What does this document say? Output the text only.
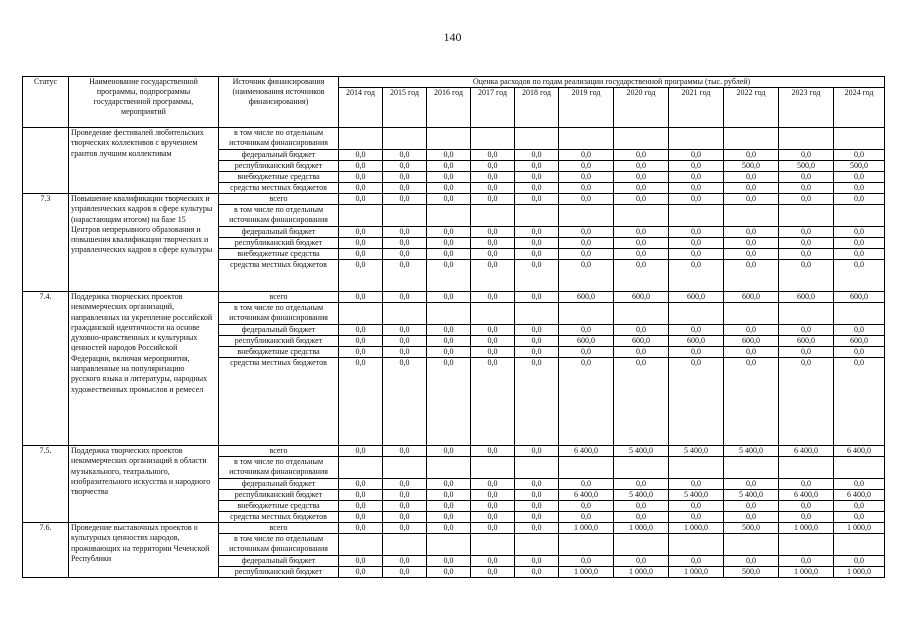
140
Статус	Наименование государственной программы, подпрограммы государственной программы, мероприятий	Источник финансирования (наименования источников финансирования)	Оценка расходов по годам реализации государственной программы (тыс. рублей)										
			2014 год	2015 год	2016 год	2017 год	2018 год	2019 год	2020 год	2021 год	2022 год	2023 год	2024 год
	Проведение фестивалей любительских творческих коллективов с вручением грантов лучшим коллективам	в том числе по отдельным источникам финансирования											
		федеральный бюджет	0,0	0,0	0,0	0,0	0,0	0,0	0,0	0,0	0,0	0,0	0,0
		республиканский бюджет	0,0	0,0	0,0	0,0	0,0	0,0	0,0	0,0	500,0	500,0	500,0
		внебюджетные средства	0,0	0,0	0,0	0,0	0,0	0,0	0,0	0,0	0,0	0,0	0,0
		средства местных бюджетов	0,0	0,0	0,0	0,0	0,0	0,0	0,0	0,0	0,0	0,0	0,0
7.3	Повышение квалификации творческих и управленческих кадров в сфере культуры (нарастающим итогом) на базе 15 Центров непрерывного образования и повышения квалификации творческих и управленческих кадров в сфере культуры	всего	0,0	0,0	0,0	0,0	0,0	0,0	0,0	0,0	0,0	0,0	0,0
		в том числе по отдельным источникам финансирования											
		федеральный бюджет	0,0	0,0	0,0	0,0	0,0	0,0	0,0	0,0	0,0	0,0	0,0
		республиканский бюджет	0,0	0,0	0,0	0,0	0,0	0,0	0,0	0,0	0,0	0,0	0,0
		внебюджетные средства	0,0	0,0	0,0	0,0	0,0	0,0	0,0	0,0	0,0	0,0	0,0
		средства местных бюджетов	0,0	0,0	0,0	0,0	0,0	0,0	0,0	0,0	0,0	0,0	0,0
7.4.	Поддержка творческих проектов некоммерческих организаций, направленных на укрепление российской гражданской идентичности на основе духовно-нравственных и культурных ценностей народов Российской Федерации, включая мероприятия, направленные на популяризацию русского языка и литературы, народных художественных промыслов и ремесел	всего	0,0	0,0	0,0	0,0	0,0	600,0	600,0	600,0	600,0	600,0	600,0
		в том числе по отдельным источникам финансирования											
		федеральный бюджет	0,0	0,0	0,0	0,0	0,0	0,0	0,0	0,0	0,0	0,0	0,0
		республиканский бюджет	0,0	0,0	0,0	0,0	0,0	600,0	600,0	600,0	600,0	600,0	600,0
		внебюджетные средства	0,0	0,0	0,0	0,0	0,0	0,0	0,0	0,0	0,0	0,0	0,0
		средства местных бюджетов	0,0	0,0	0,0	0,0	0,0	0,0	0,0	0,0	0,0	0,0	0,0
7.5.	Поддержка творческих проектов некоммерческих организаций в области музыкального, театрального, изобразительного искусства и народного творчества	всего	0,0	0,0	0,0	0,0	0,0	6 400,0	5 400,0	5 400,0	5 400,0	6 400,0	6 400,0
		в том числе по отдельным источникам финансирования											
		федеральный бюджет	0,0	0,0	0,0	0,0	0,0	0,0	0,0	0,0	0,0	0,0	0,0
		республиканский бюджет	0,0	0,0	0,0	0,0	0,0	6 400,0	5 400,0	5 400,0	5 400,0	6 400,0	6 400,0
		внебюджетные средства	0,0	0,0	0,0	0,0	0,0	0,0	0,0	0,0	0,0	0,0	0,0
		средства местных бюджетов	0,0	0,0	0,0	0,0	0,0	0,0	0,0	0,0	0,0	0,0	0,0
7.6.	Проведение выставочных проектов о культурных ценностях народов, проживающих на территории Чеченской Республики	всего	0,0	0,0	0,0	0,0	0,0	1 000,0	1 000,0	1 000,0	500,0	1 000,0	1 000,0
		в том числе по отдельным источникам финансирования											
		федеральный бюджет	0,0	0,0	0,0	0,0	0,0	0,0	0,0	0,0	0,0	0,0	0,0
		республиканский бюджет	0,0	0,0	0,0	0,0	0,0	1 000,0	1 000,0	1 000,0	500,0	1 000,0	1 000,0
